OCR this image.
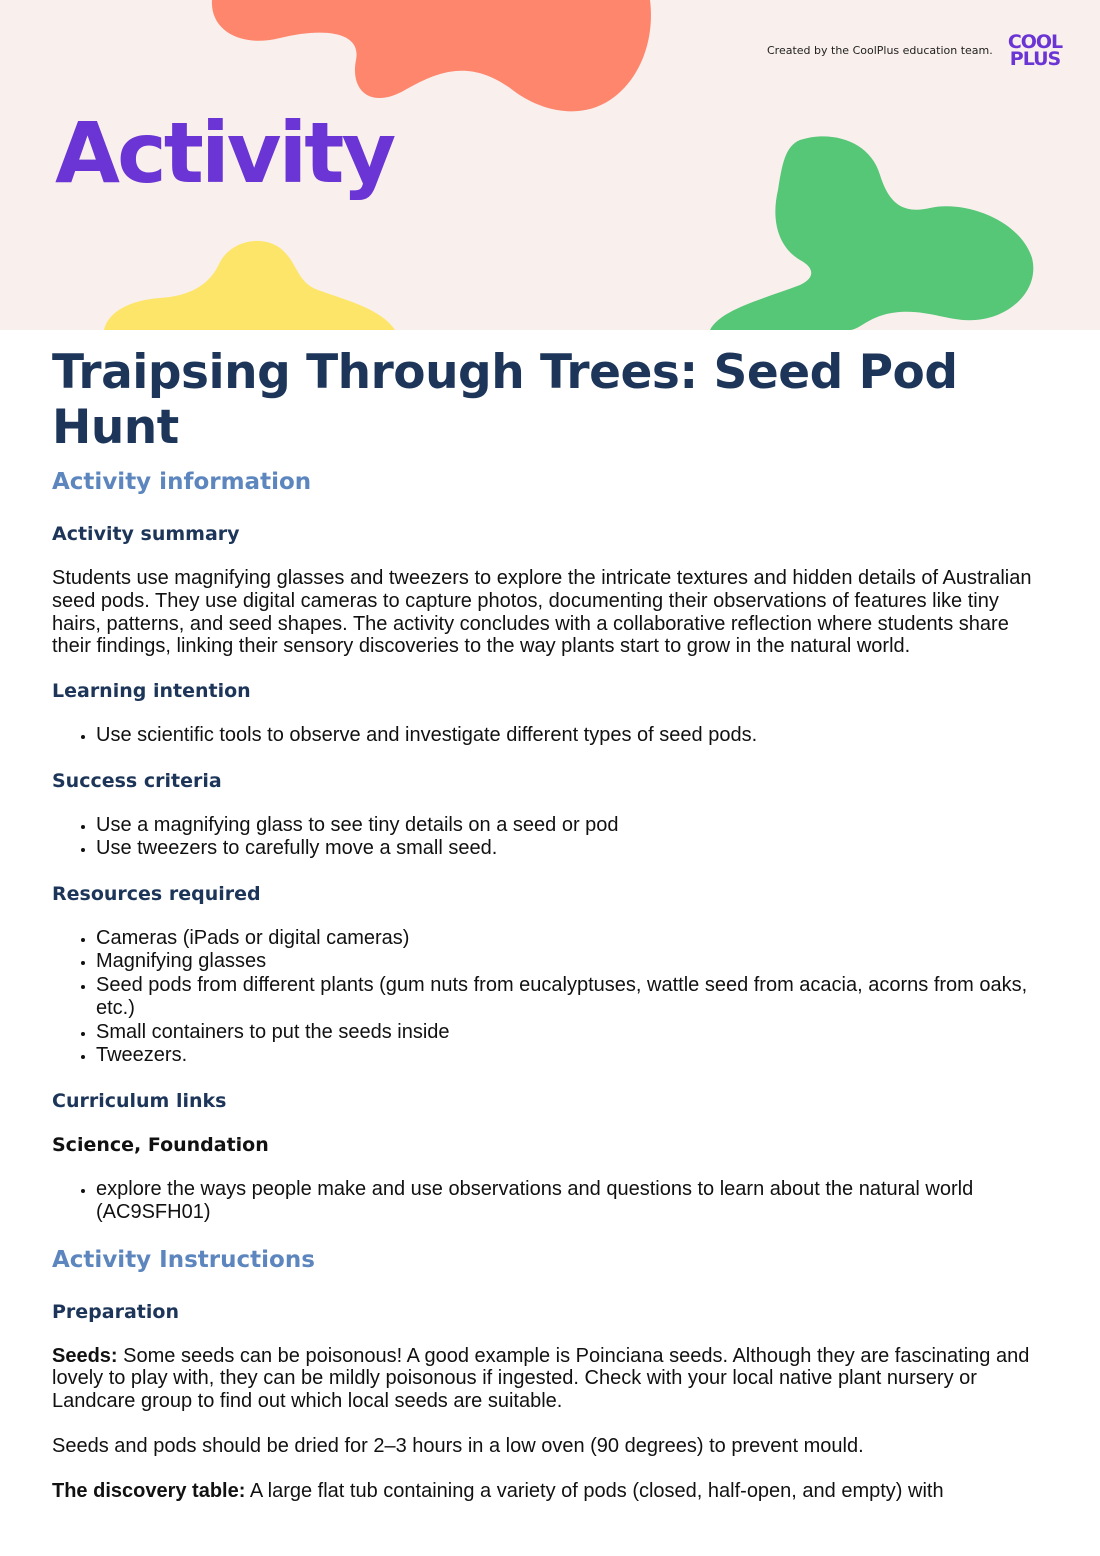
Created by the CoolPlus education team. COOL
PLUS
Activity
Traipsing Through Trees: Seed Pod Hunt
Activity information
Activity summary

Students use magnifying glasses and tweezers to explore the intricate textures and hidden details of Australian seed pods. They use digital cameras to capture photos, documenting their observations of features like tiny hairs, patterns, and seed shapes. The activity concludes with a collaborative reflection where students share their findings, linking their sensory discoveries to the way plants start to grow in the natural world.

Learning intention
• Use scientific tools to observe and investigate different types of seed pods.
Success criteria
• Use a magnifying glass to see tiny details on a seed or pod
• Use tweezers to carefully move a small seed.
Resources required
• Cameras (iPads or digital cameras)
• Magnifying glasses
• Seed pods from different plants (gum nuts from eucalyptuses, wattle seed from acacia, acorns from oaks, etc.)
• Small containers to put the seeds inside
• Tweezers.
Curriculum links
Science, Foundation
• explore the ways people make and use observations and questions to learn about the natural world (AC9SFH01)
Activity Instructions
Preparation

Seeds: Some seeds can be poisonous! A good example is Poinciana seeds. Although they are fascinating and lovely to play with, they can be mildly poisonous if ingested. Check with your local native plant nursery or Landcare group to find out which local seeds are suitable.

Seeds and pods should be dried for 2–3 hours in a low oven (90 degrees) to prevent mould.

The discovery table: A large flat tub containing a variety of pods (closed, half-open, and empty) with
